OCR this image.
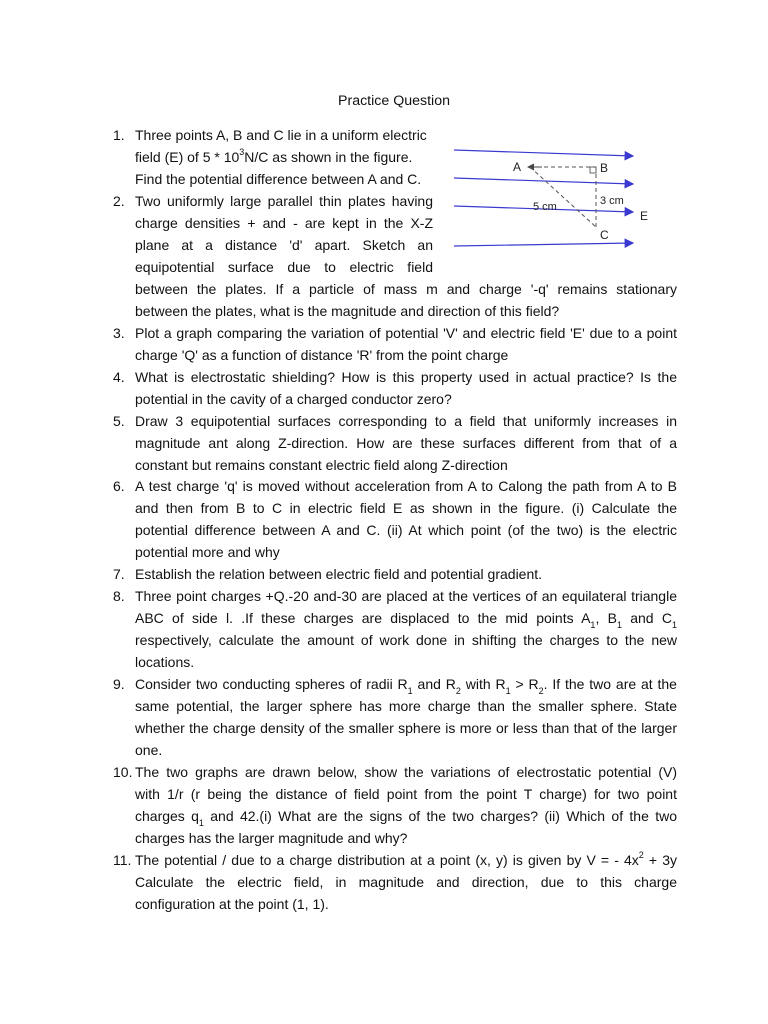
Practice Question
A	B
C
E
5 cm	3 cm
1. Three points A, B and C lie in a uniform electric
field (E) of $5 * 10^3N/C$ as shown in the figure.
Find the potential difference between A and C.
2. Two uniformly large parallel thin plates having
charge densities + and - are kept in the X-Z
plane at a distance 'd' apart. Sketch an
equipotential surface due to electric field
between the plates. If a particle of mass m and charge '-q' remains stationary
between the plates, what is the magnitude and direction of this field?
3. Plot a graph comparing the variation of potential 'V' and electric field 'E' due to a point
charge 'Q' as a function of distance 'R' from the point charge
4. What is electrostatic shielding? How is this property used in actual practice? Is the
potential in the cavity of a charged conductor zero?
5. Draw 3 equipotential surfaces corresponding to a field that uniformly increases in
magnitude ant along Z-direction. How are these surfaces different from that of a
constant but remains constant electric field along Z-direction
6. A test charge 'q' is moved without acceleration from A to Calong the path from A to B
and then from B to C in electric field E as shown in the figure. (i) Calculate the
potential difference between A and C. (ii) At which point (of the two) is the electric
potential more and why
7. Establish the relation between electric field and potential gradient.
8. Three point charges +Q.-20 and-30 are placed at the vertices of an equilateral triangle
ABC of side l. .If these charges are displaced to the mid points $A_1$, $B_1$ and $C_1$
respectively, calculate the amount of work done in shifting the charges to the new
locations.
9. Consider two conducting spheres of radii $R_1$ and $R_2$ with $R_1 > R_2$. If the two are at the
same potential, the larger sphere has more charge than the smaller sphere. State
whether the charge density of the smaller sphere is more or less than that of the larger
one.
10. The two graphs are drawn below, show the variations of electrostatic potential (V)
with 1/r (r being the distance of field point from the point T charge) for two point
charges $q_1$ and 42.(i) What are the signs of the two charges? (ii) Which of the two
charges has the larger magnitude and why?
11. The potential / due to a charge distribution at a point (x, y) is given by V = - $4x^2 + 3y$
Calculate the electric field, in magnitude and direction, due to this charge
configuration at the point (1, 1).
